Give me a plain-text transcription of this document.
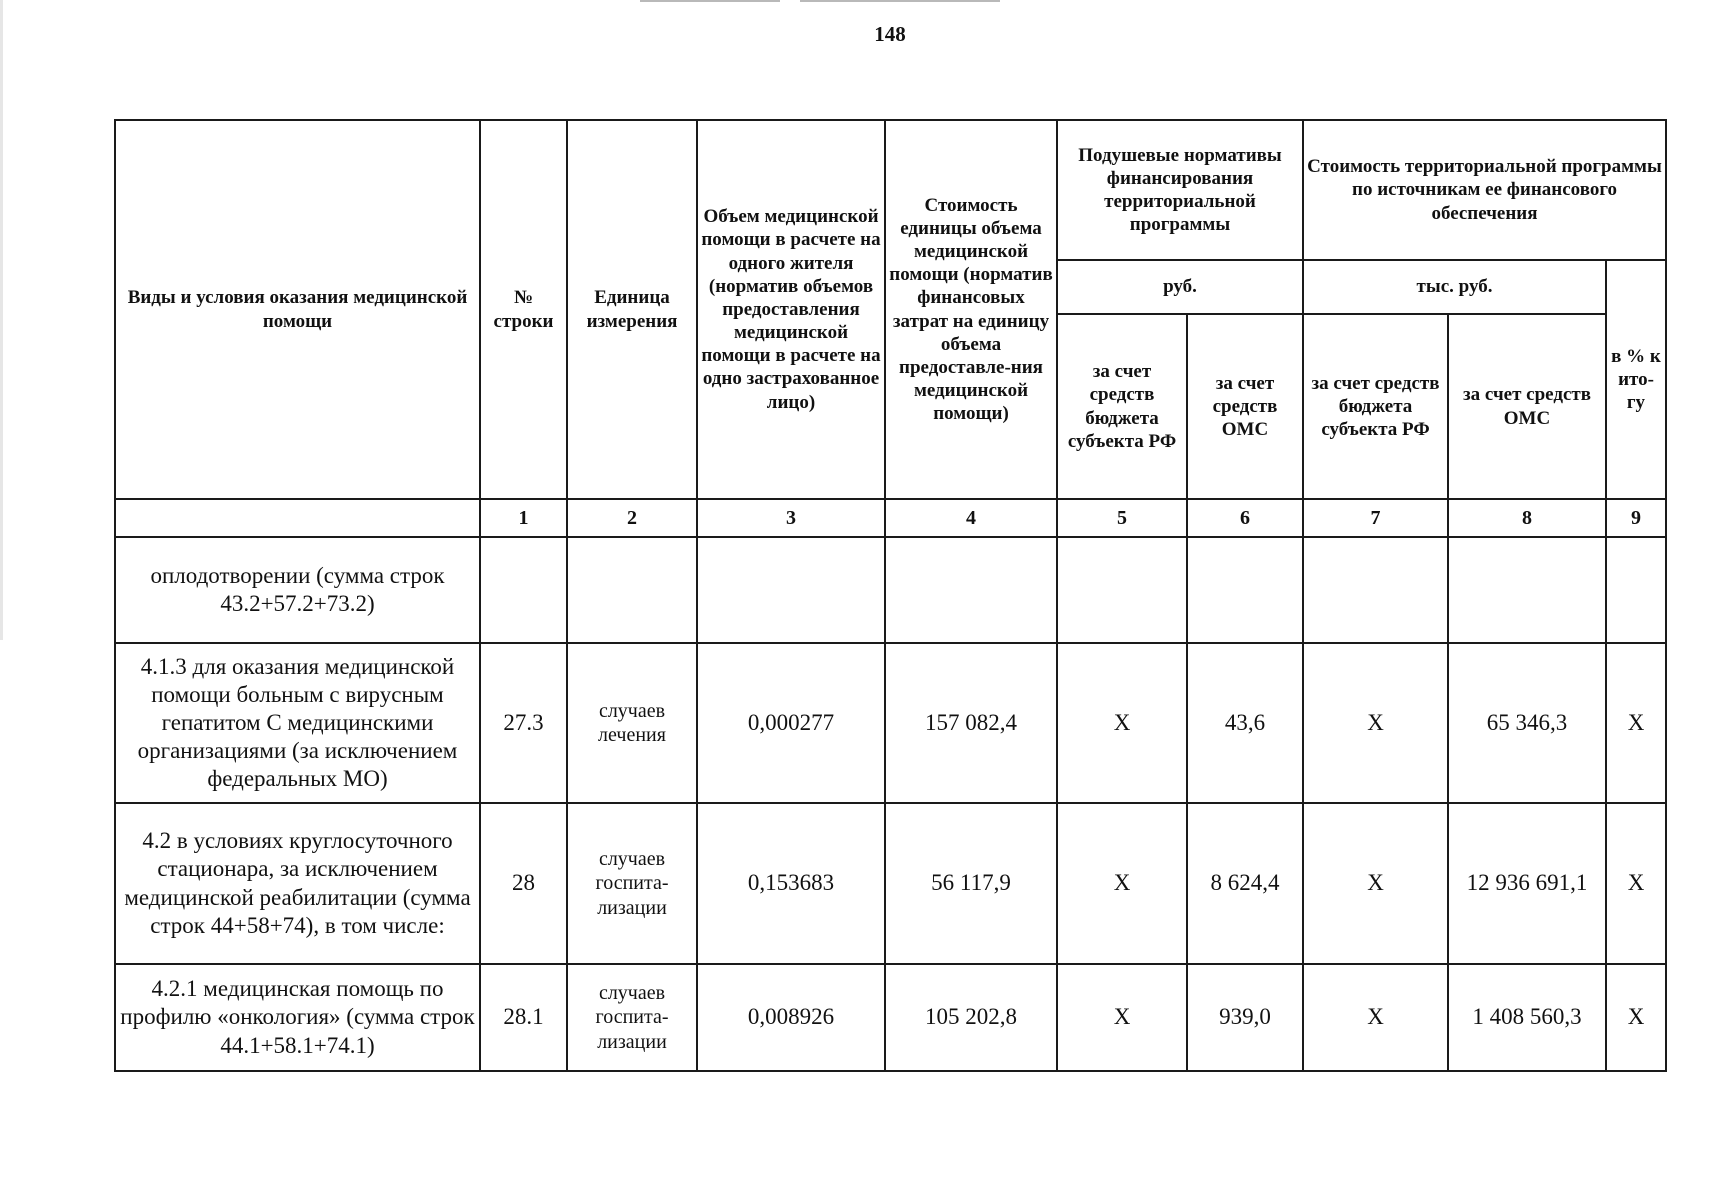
148
Виды и условия оказания медицинской помощи	№ строки	Единица измерения	Объем медицинской помощи в расчете на одного жителя (норматив объемов предоставления медицинской помощи в расчете на одно застрахованное лицо)	Стоимость единицы объема медицинской помощи (норматив финансовых затрат на единицу объема предоставле-ния медицинской помощи)	Подушевые нормативы финансирования территориальной программы		Стоимость территориальной программы по источникам ее финансового обеспечения		
					руб.		тыс. руб.		в % к ито-гу
					за счет средств бюджета субъекта РФ	за счет средств ОМС	за счет средств бюджета субъекта РФ	за счет средств ОМС	
	1	2	3	4	5	6	7	8	9
оплодотворении (сумма строк 43.2+57.2+73.2)									
4.1.3 для оказания медицинской помощи больным с вирусным гепатитом С медицинскими организациями (за исключением федеральных МО)	27.3	случаев лечения	0,000277	157 082,4	Х	43,6	Х	65 346,3	Х
4.2 в условиях круглосуточного стационара, за исключением медицинской реабилитации (сумма строк 44+58+74), в том числе:	28	случаев госпита-лизации	0,153683	56 117,9	Х	8 624,4	Х	12 936 691,1	Х
4.2.1 медицинская помощь по профилю «онкология» (сумма строк 44.1+58.1+74.1)	28.1	случаев госпита-лизации	0,008926	105 202,8	Х	939,0	Х	1 408 560,3	Х
